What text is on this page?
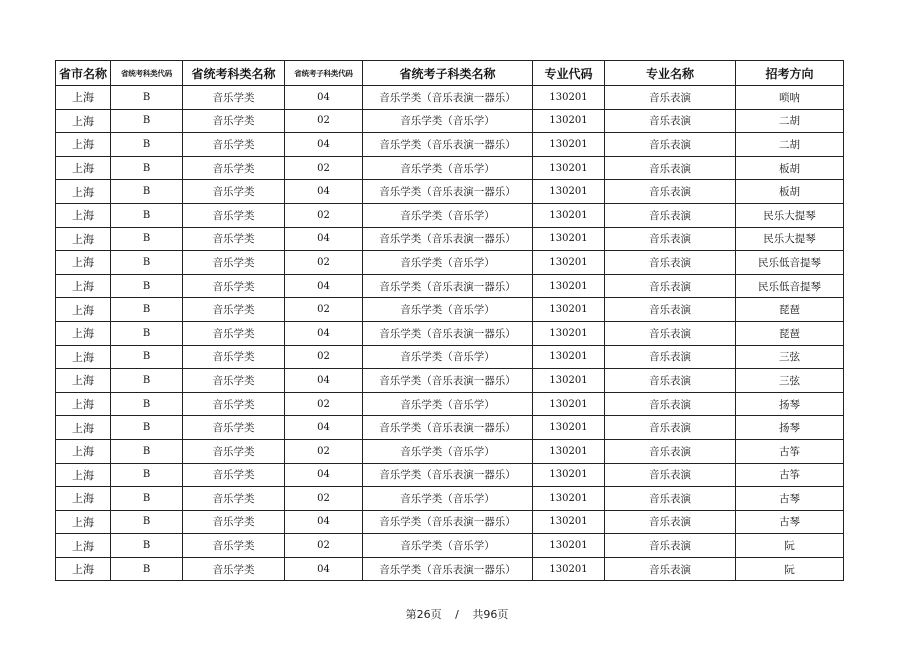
省市名称	省统考科类代码	省统考科类名称	省统考子科类代码	省统考子科类名称	专业代码	专业名称	招考方向
上海	B	音乐学类	04	音乐学类（音乐表演一器乐）	130201	音乐表演	唢呐
上海	B	音乐学类	02	音乐学类（音乐学）	130201	音乐表演	二胡
上海	B	音乐学类	04	音乐学类（音乐表演一器乐）	130201	音乐表演	二胡
上海	B	音乐学类	02	音乐学类（音乐学）	130201	音乐表演	板胡
上海	B	音乐学类	04	音乐学类（音乐表演一器乐）	130201	音乐表演	板胡
上海	B	音乐学类	02	音乐学类（音乐学）	130201	音乐表演	民乐大提琴
上海	B	音乐学类	04	音乐学类（音乐表演一器乐）	130201	音乐表演	民乐大提琴
上海	B	音乐学类	02	音乐学类（音乐学）	130201	音乐表演	民乐低音提琴
上海	B	音乐学类	04	音乐学类（音乐表演一器乐）	130201	音乐表演	民乐低音提琴
上海	B	音乐学类	02	音乐学类（音乐学）	130201	音乐表演	琵琶
上海	B	音乐学类	04	音乐学类（音乐表演一器乐）	130201	音乐表演	琵琶
上海	B	音乐学类	02	音乐学类（音乐学）	130201	音乐表演	三弦
上海	B	音乐学类	04	音乐学类（音乐表演一器乐）	130201	音乐表演	三弦
上海	B	音乐学类	02	音乐学类（音乐学）	130201	音乐表演	扬琴
上海	B	音乐学类	04	音乐学类（音乐表演一器乐）	130201	音乐表演	扬琴
上海	B	音乐学类	02	音乐学类（音乐学）	130201	音乐表演	古筝
上海	B	音乐学类	04	音乐学类（音乐表演一器乐）	130201	音乐表演	古筝
上海	B	音乐学类	02	音乐学类（音乐学）	130201	音乐表演	古琴
上海	B	音乐学类	04	音乐学类（音乐表演一器乐）	130201	音乐表演	古琴
上海	B	音乐学类	02	音乐学类（音乐学）	130201	音乐表演	阮
上海	B	音乐学类	04	音乐学类（音乐表演一器乐）	130201	音乐表演	阮
第26页 / 共96页
